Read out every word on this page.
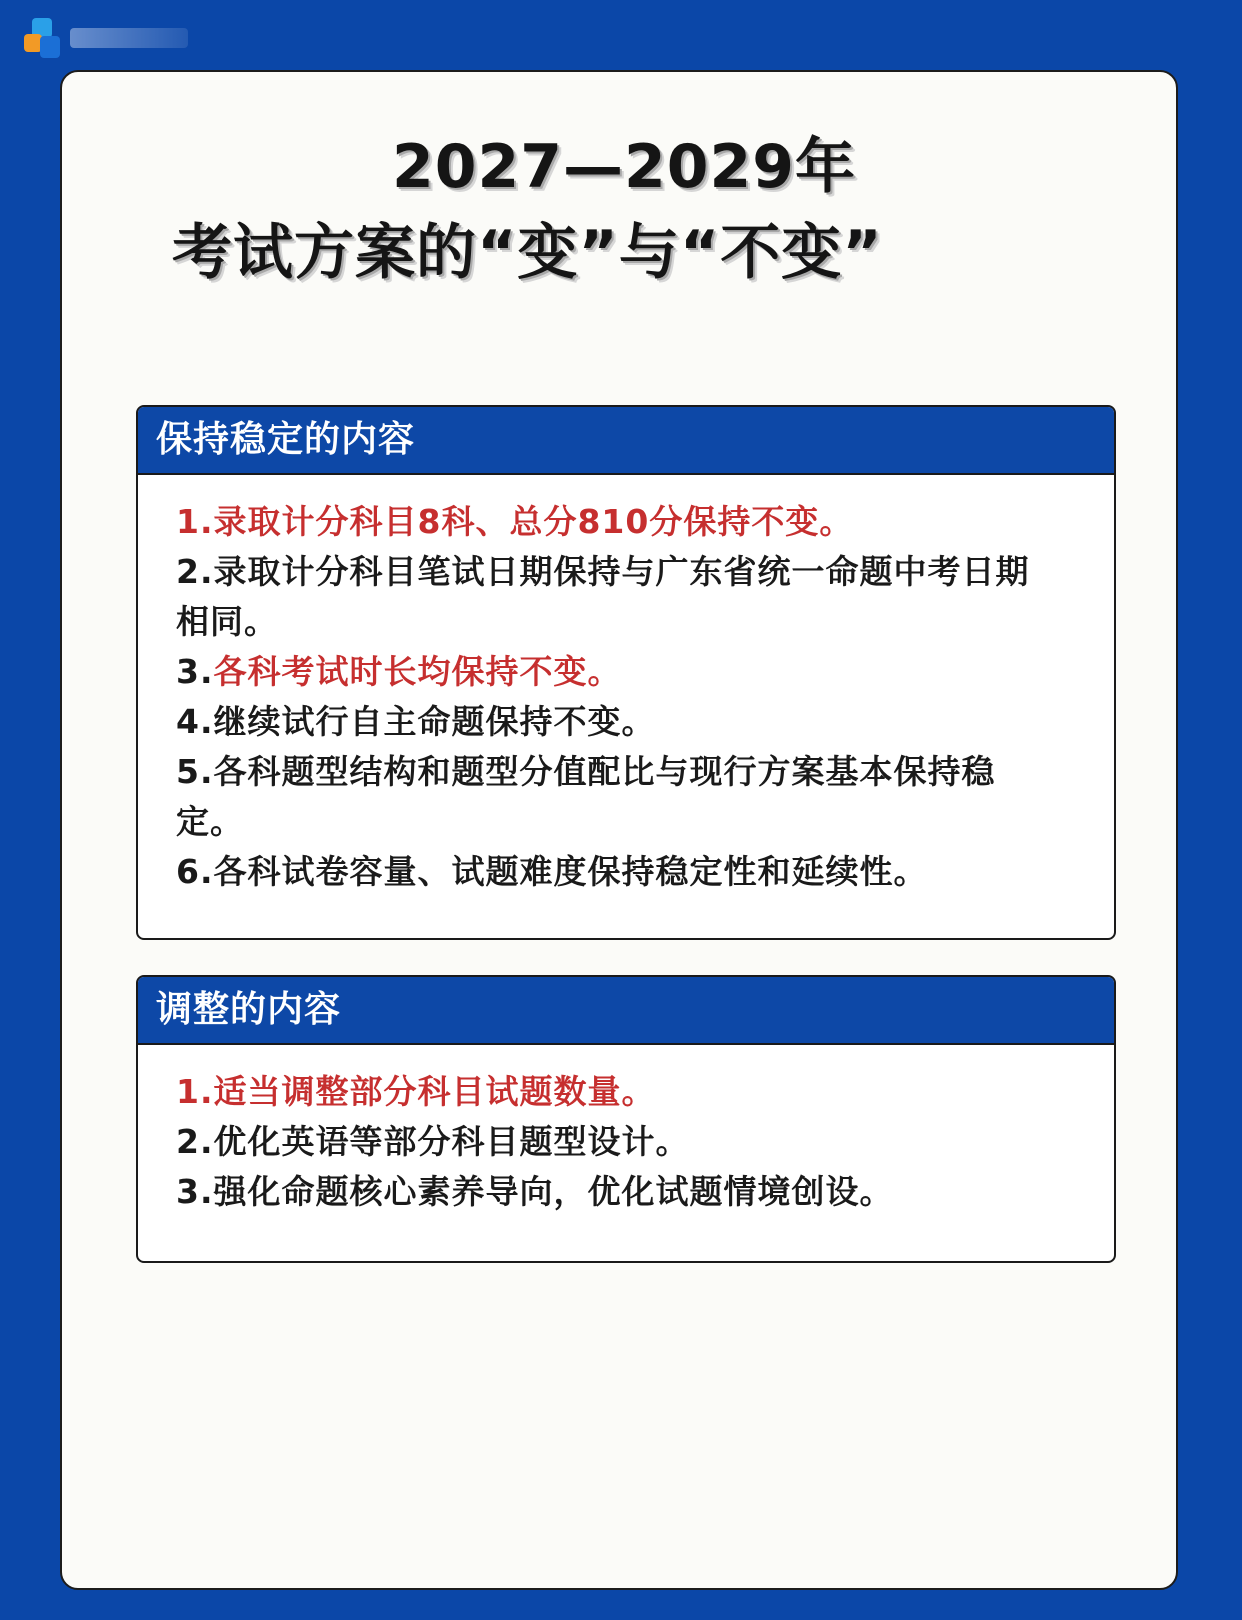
2027—2029年
考试方案的“变”与“不变”
保持稳定的内容
1.录取计分科目8科、总分810分保持不变。
2.录取计分科目笔试日期保持与广东省统一命题中考日期相同。
3.各科考试时长均保持不变。
4.继续试行自主命题保持不变。
5.各科题型结构和题型分值配比与现行方案基本保持稳定。
6.各科试卷容量、试题难度保持稳定性和延续性。
调整的内容
1.适当调整部分科目试题数量。
2.优化英语等部分科目题型设计。
3.强化命题核心素养导向，优化试题情境创设。
